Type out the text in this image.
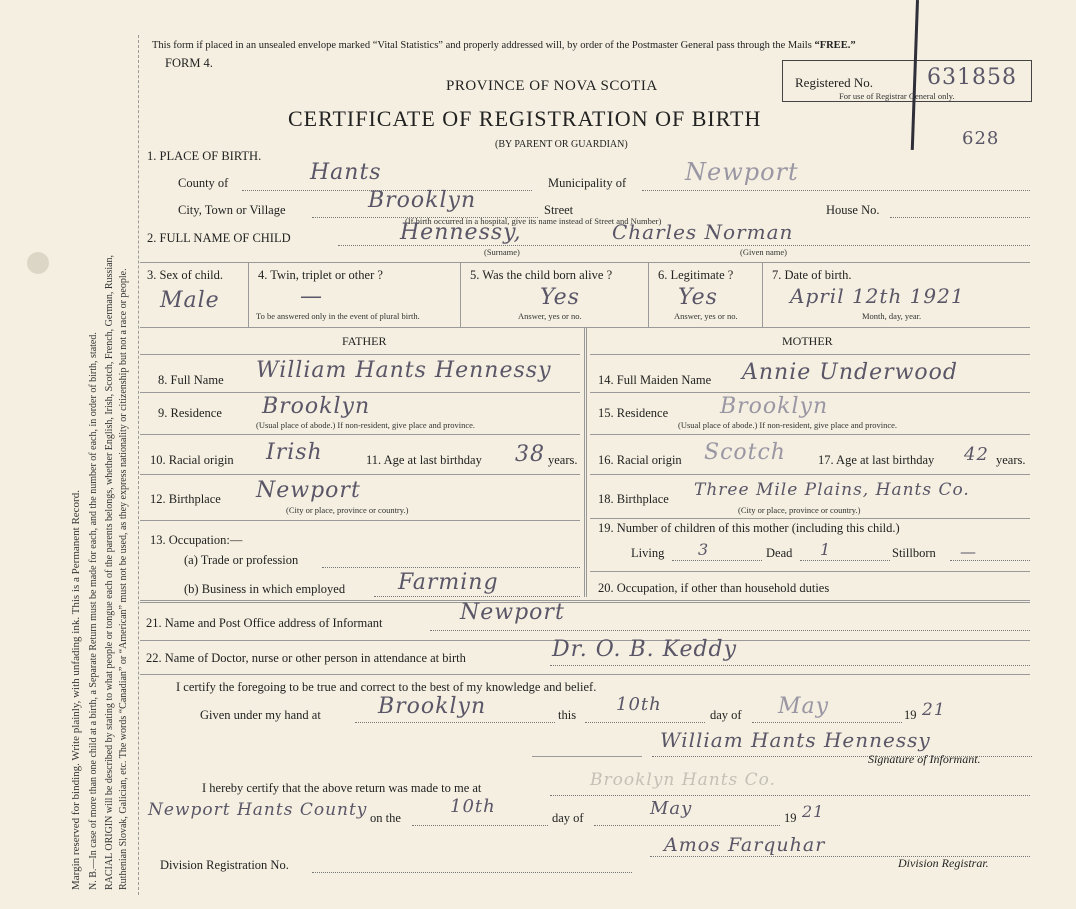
Margin reserved for binding. Write plainly, with unfading ink. This is a Permanent Record. N. B.—In case of more than one child at a birth, a Separate Return must be made for each, and the number of each, in order of birth, stated. RACIAL ORIGIN will be described by stating to what people or tongue each of the parents belongs, whether English, Irish, Scotch, French, German, Russian, Ruthenian Slovak, Galician, etc. The words “Canadian” or “American” must not be used, as they express nationality or citizenship but not a race or people.
This form if placed in an unsealed envelope marked “Vital Statistics” and properly addressed will, by order of the Postmaster General pass through the Mails “FREE.”
FORM 4.
PROVINCE OF NOVA SCOTIA
CERTIFICATE OF REGISTRATION OF BIRTH
(BY PARENT OR GUARDIAN)
Registered No.
For use of Registrar General only.
631858
628
1. PLACE OF BIRTH.
County of	Hants	Municipality of Newport
City, Town or Village	Brooklyn	Street	House No.
(If birth occurred in a hospital, give its name instead of Street and Number)
2. FULL NAME OF CHILD	Hennessy,	Charles Norman
(Surname)	(Given name)
3. Sex of child.
Male
4. Twin, triplet or other ?
—
To be answered only in the event of plural birth.
5. Was the child born alive ?
Yes
Answer, yes or no.
6. Legitimate ?
Yes
Answer, yes or no.
7. Date of birth.
April 12th 1921
Month, day, year.
FATHER	MOTHER
8. Full Name William Hants Hennessy
9. Residence Brooklyn
(Usual place of abode.) If non-resident, give place and province.
10. Racial origin Irish	11. Age at last birthday 38 years.
12. Birthplace Newport
(City or place, province or country.)
13. Occupation:—
(a) Trade or profession
(b) Business in which employed Farming
14. Full Maiden Name Annie Underwood
15. Residence Brooklyn
(Usual place of abode.) If non-resident, give place and province.
16. Racial origin Scotch	17. Age at last birthday 42 years.
18. Birthplace Three Mile Plains, Hants Co.
(City or place, province or country.)
19. Number of children of this mother (including this child.)
Living 3	Dead 1	Stillborn —
20. Occupation, if other than household duties
21. Name and Post Office address of Informant	Newport
22. Name of Doctor, nurse or other person in attendance at birth	Dr. O. B. Keddy
I certify the foregoing to be true and correct to the best of my knowledge and belief.
Given under my hand at	Brooklyn	this 10th	day of May	19 21
William Hants Hennessy
Signature of Informant.
I hereby certify that the above return was made to me at	Brooklyn Hants Co.
Newport Hants County on the
10th
day of	May	19 21
Amos Farquhar
Division Registration No.	Division Registrar.
